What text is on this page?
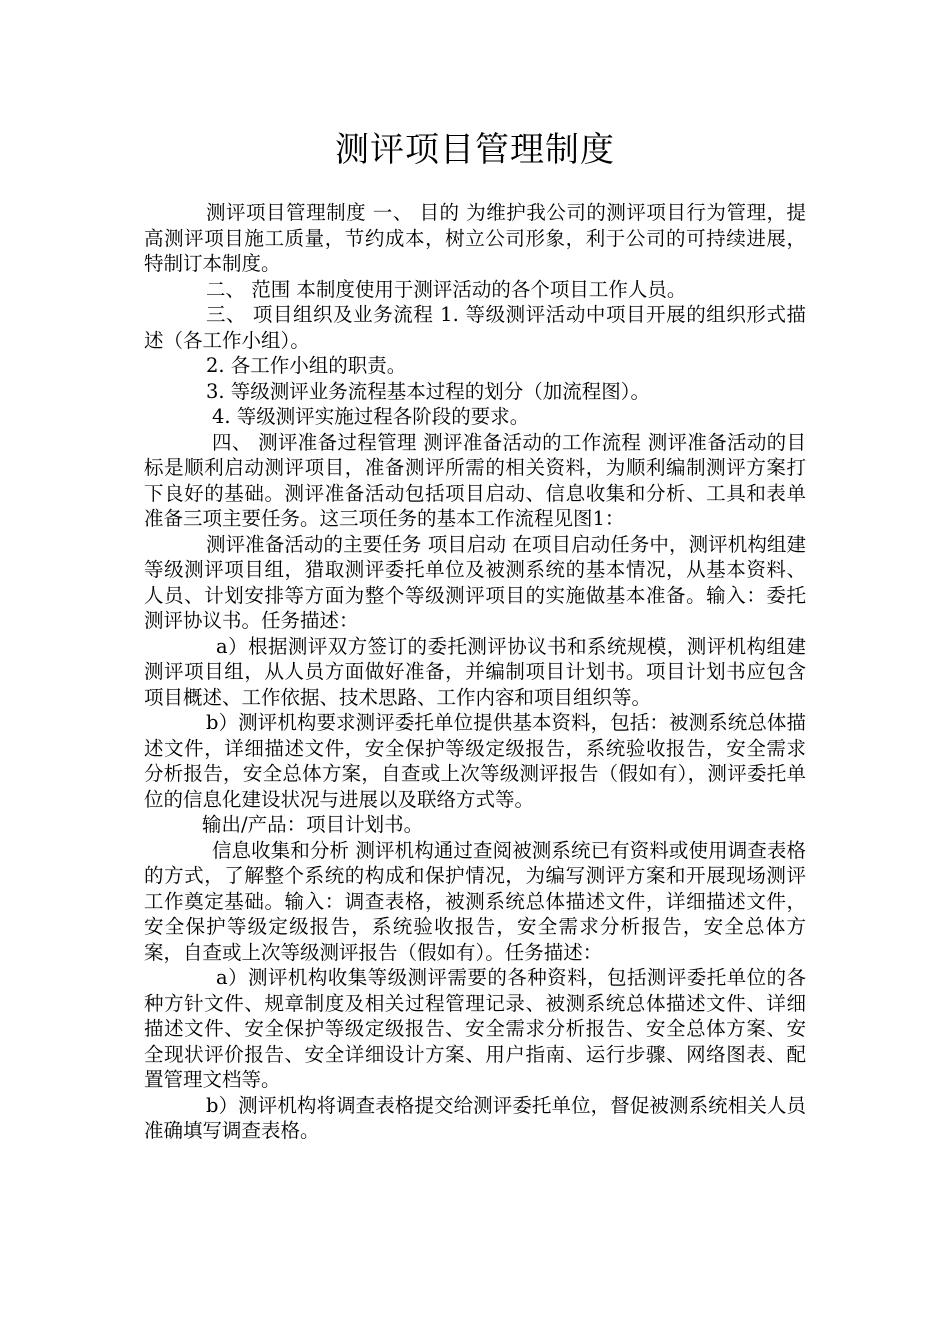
测评项目管理制度

测评项目管理制度 一、 目的 为维护我公司的测评项目行为管理，提高测评项目施工质量，节约成本，树立公司形象，利于公司的可持续进展，特制订本制度。

二、 范围 本制度使用于测评活动的各个项目工作人员。

三、 项目组织及业务流程 1. 等级测评活动中项目开展的组织形式描述（各工作小组）。

2. 各工作小组的职责。

3. 等级测评业务流程基本过程的划分（加流程图）。

4. 等级测评实施过程各阶段的要求。

四、 测评准备过程管理 测评准备活动的工作流程 测评准备活动的目标是顺利启动测评项目，准备测评所需的相关资料，为顺利编制测评方案打下良好的基础。测评准备活动包括项目启动、信息收集和分析、工具和表单准备三项主要任务。这三项任务的基本工作流程见图1：

测评准备活动的主要任务 项目启动 在项目启动任务中，测评机构组建等级测评项目组，猎取测评委托单位及被测系统的基本情况，从基本资料、人员、计划安排等方面为整个等级测评项目的实施做基本准备。输入：委托测评协议书。任务描述：

a）根据测评双方签订的委托测评协议书和系统规模，测评机构组建测评项目组，从人员方面做好准备，并编制项目计划书。项目计划书应包含项目概述、工作依据、技术思路、工作内容和项目组织等。

b）测评机构要求测评委托单位提供基本资料，包括：被测系统总体描述文件，详细描述文件，安全保护等级定级报告，系统验收报告，安全需求分析报告，安全总体方案，自查或上次等级测评报告（假如有），测评委托单位的信息化建设状况与进展以及联络方式等。

输出/产品：项目计划书。

信息收集和分析 测评机构通过查阅被测系统已有资料或使用调查表格的方式，了解整个系统的构成和保护情况，为编写测评方案和开展现场测评工作奠定基础。输入：调查表格，被测系统总体描述文件，详细描述文件，安全保护等级定级报告，系统验收报告，安全需求分析报告，安全总体方案，自查或上次等级测评报告（假如有）。任务描述：

a）测评机构收集等级测评需要的各种资料，包括测评委托单位的各种方针文件、规章制度及相关过程管理记录、被测系统总体描述文件、详细描述文件、安全保护等级定级报告、安全需求分析报告、安全总体方案、安全现状评价报告、安全详细设计方案、用户指南、运行步骤、网络图表、配置管理文档等。

b）测评机构将调查表格提交给测评委托单位，督促被测系统相关人员准确填写调查表格。
